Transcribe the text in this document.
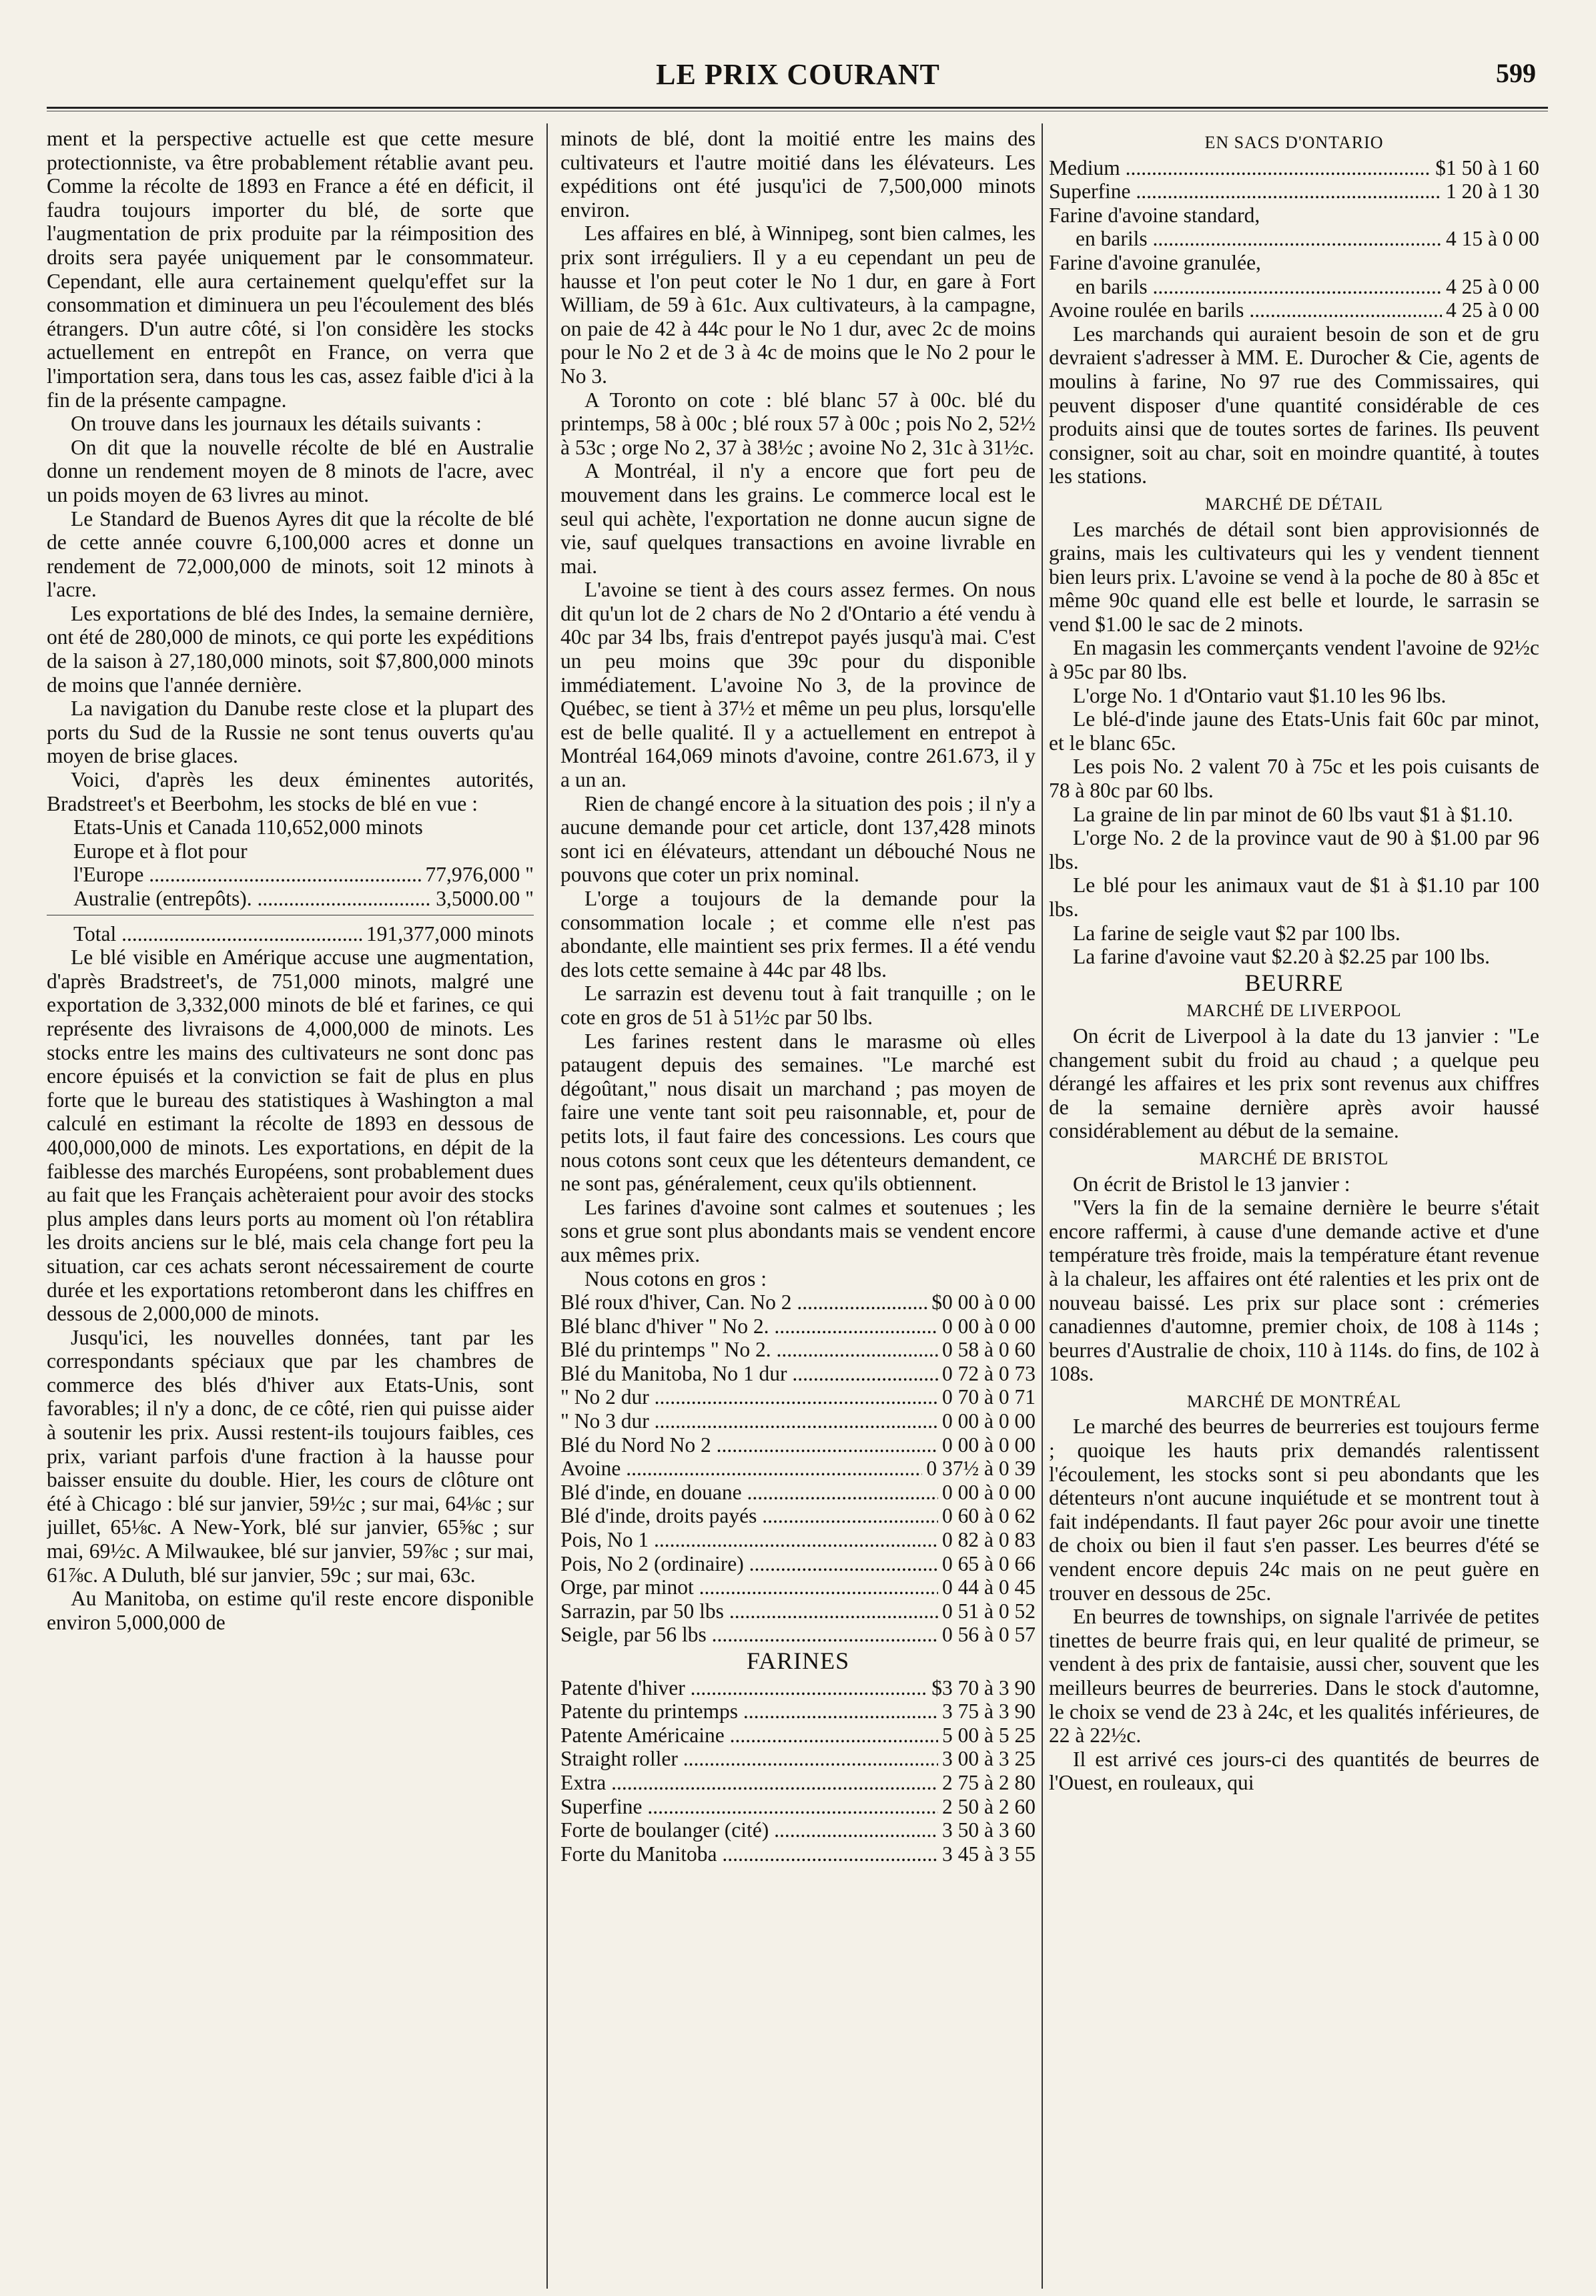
LE PRIX COURANT	599

ment et la perspective actuelle est que cette mesure protectionniste, va être probablement rétablie avant peu. Comme la récolte de 1893 en France a été en déficit, il faudra toujours importer du blé, de sorte que l'augmentation de prix produite par la réimposition des droits sera payée uniquement par le consommateur. Cependant, elle aura certainement quelqu'effet sur la consommation et diminuera un peu l'écoulement des blés étrangers. D'un autre côté, si l'on considère les stocks actuellement en entrepôt en France, on verra que l'importation sera, dans tous les cas, assez faible d'ici à la fin de la présente campagne.

On trouve dans les journaux les détails suivants :

On dit que la nouvelle récolte de blé en Australie donne un rendement moyen de 8 minots de l'acre, avec un poids moyen de 63 livres au minot.

Le Standard de Buenos Ayres dit que la récolte de blé de cette année couvre 6,100,000 acres et donne un rendement de 72,000,000 de minots, soit 12 minots à l'acre.

Les exportations de blé des Indes, la semaine dernière, ont été de 280,000 de minots, ce qui porte les expéditions de la saison à 27,180,000 minots, soit $7,800,000 minots de moins que l'année dernière.

La navigation du Danube reste close et la plupart des ports du Sud de la Russie ne sont tenus ouverts qu'au moyen de brise glaces.

Voici, d'après les deux éminentes autorités, Bradstreet's et Beerbohm, les stocks de blé en vue :

Etats-Unis et Canada 110,652,000 minots
Europe et à flot pour
l'Europe .....	77,976,000 "
Australie (entrepôts). .....	3,5000.00 "
Total .....	191,377,000 minots

Le blé visible en Amérique accuse une augmentation, d'après Bradstreet's, de 751,000 minots, malgré une exportation de 3,332,000 minots de blé et farines, ce qui représente des livraisons de 4,000,000 de minots. Les stocks entre les mains des cultivateurs ne sont donc pas encore épuisés et la conviction se fait de plus en plus forte que le bureau des statistiques à Washington a mal calculé en estimant la récolte de 1893 en dessous de 400,000,000 de minots. Les exportations, en dépit de la faiblesse des marchés Européens, sont probablement dues au fait que les Français achèteraient pour avoir des stocks plus amples dans leurs ports au moment où l'on rétablira les droits anciens sur le blé, mais cela change fort peu la situation, car ces achats seront nécessairement de courte durée et les exportations retomberont dans les chiffres en dessous de 2,000,000 de minots.

Jusqu'ici, les nouvelles données, tant par les correspondants spéciaux que par les chambres de commerce des blés d'hiver aux Etats-Unis, sont favorables; il n'y a donc, de ce côté, rien qui puisse aider à soutenir les prix. Aussi restent-ils toujours faibles, ces prix, variant parfois d'une fraction à la hausse pour baisser ensuite du double. Hier, les cours de clôture ont été à Chicago : blé sur janvier, 59½c ; sur mai, 64⅛c ; sur juillet, 65⅛c. A New-York, blé sur janvier, 65⅝c ; sur mai, 69½c. A Milwaukee, blé sur janvier, 59⅞c ; sur mai, 61⅞c. A Duluth, blé sur janvier, 59c ; sur mai, 63c.

Au Manitoba, on estime qu'il reste encore disponible environ 5,000,000 de

minots de blé, dont la moitié entre les mains des cultivateurs et l'autre moitié dans les élévateurs. Les expéditions ont été jusqu'ici de 7,500,000 minots environ.

Les affaires en blé, à Winnipeg, sont bien calmes, les prix sont irréguliers. Il y a eu cependant un peu de hausse et l'on peut coter le No 1 dur, en gare à Fort William, de 59 à 61c. Aux cultivateurs, à la campagne, on paie de 42 à 44c pour le No 1 dur, avec 2c de moins pour le No 2 et de 3 à 4c de moins que le No 2 pour le No 3.

A Toronto on cote : blé blanc 57 à 00c. blé du printemps, 58 à 00c ; blé roux 57 à 00c ; pois No 2, 52½ à 53c ; orge No 2, 37 à 38½c ; avoine No 2, 31c à 31½c.

A Montréal, il n'y a encore que fort peu de mouvement dans les grains. Le commerce local est le seul qui achète, l'exportation ne donne aucun signe de vie, sauf quelques transactions en avoine livrable en mai.

L'avoine se tient à des cours assez fermes. On nous dit qu'un lot de 2 chars de No 2 d'Ontario a été vendu à 40c par 34 lbs, frais d'entrepot payés jusqu'à mai. C'est un peu moins que 39c pour du disponible immédiatement. L'avoine No 3, de la province de Québec, se tient à 37½ et même un peu plus, lorsqu'elle est de belle qualité. Il y a actuellement en entrepot à Montréal 164,069 minots d'avoine, contre 261.673, il y a un an.

Rien de changé encore à la situation des pois ; il n'y a aucune demande pour cet article, dont 137,428 minots sont ici en élévateurs, attendant un débouché Nous ne pouvons que coter un prix nominal.

L'orge a toujours de la demande pour la consommation locale ; et comme elle n'est pas abondante, elle maintient ses prix fermes. Il a été vendu des lots cette semaine à 44c par 48 lbs.

Le sarrazin est devenu tout à fait tranquille ; on le cote en gros de 51 à 51½c par 50 lbs.

Les farines restent dans le marasme où elles pataugent depuis des semaines. "Le marché est dégoûtant," nous disait un marchand ; pas moyen de faire une vente tant soit peu raisonnable, et, pour de petits lots, il faut faire des concessions. Les cours que nous cotons sont ceux que les détenteurs demandent, ce ne sont pas, généralement, ceux qu'ils obtiennent.

Les farines d'avoine sont calmes et soutenues ; les sons et grue sont plus abondants mais se vendent encore aux mêmes prix.

Nous cotons en gros :

Blé roux d'hiver, Can. No 2 .....	$0 00 à 0 00
Blé blanc d'hiver " No 2. .....	0 00 à 0 00
Blé du printemps " No 2. .....	0 58 à 0 60
Blé du Manitoba, No 1 dur .....	0 72 à 0 73
" No 2 dur .....	0 70 à 0 71
" No 3 dur .....	0 00 à 0 00
Blé du Nord No 2 .....	0 00 à 0 00
Avoine .....	0 37½ à 0 39
Blé d'inde, en douane .....	0 00 à 0 00
Blé d'inde, droits payés .....	0 60 à 0 62
Pois, No 1 .....	0 82 à 0 83
Pois, No 2 (ordinaire) .....	0 65 à 0 66
Orge, par minot .....	0 44 à 0 45
Sarrazin, par 50 lbs .....	0 51 à 0 52
Seigle, par 56 lbs .....	0 56 à 0 57
FARINES
Patente d'hiver .....	$3 70 à 3 90
Patente du printemps .....	3 75 à 3 90
Patente Américaine .....	5 00 à 5 25
Straight roller .....	3 00 à 3 25
Extra .....	2 75 à 2 80
Superfine .....	2 50 à 2 60
Forte de boulanger (cité) .....	3 50 à 3 60
Forte du Manitoba .....	3 45 à 3 55
EN SACS D'ONTARIO
Medium .....	$1 50 à 1 60
Superfine .....	1 20 à 1 30
Farine d'avoine standard,
en barils .....	4 15 à 0 00
Farine d'avoine granulée,
en barils .....	4 25 à 0 00
Avoine roulée en barils .....	4 25 à 0 00

Les marchands qui auraient besoin de son et de gru devraient s'adresser à MM. E. Durocher & Cie, agents de moulins à farine, No 97 rue des Commissaires, qui peuvent disposer d'une quantité considérable de ces produits ainsi que de toutes sortes de farines. Ils peuvent consigner, soit au char, soit en moindre quantité, à toutes les stations.

MARCHÉ DE DÉTAIL

Les marchés de détail sont bien approvisionnés de grains, mais les cultivateurs qui les y vendent tiennent bien leurs prix. L'avoine se vend à la poche de 80 à 85c et même 90c quand elle est belle et lourde, le sarrasin se vend $1.00 le sac de 2 minots.

En magasin les commerçants vendent l'avoine de 92½c à 95c par 80 lbs.

L'orge No. 1 d'Ontario vaut $1.10 les 96 lbs.

Le blé-d'inde jaune des Etats-Unis fait 60c par minot, et le blanc 65c.

Les pois No. 2 valent 70 à 75c et les pois cuisants de 78 à 80c par 60 lbs.

La graine de lin par minot de 60 lbs vaut $1 à $1.10.

L'orge No. 2 de la province vaut de 90 à $1.00 par 96 lbs.

Le blé pour les animaux vaut de $1 à $1.10 par 100 lbs.

La farine de seigle vaut $2 par 100 lbs.

La farine d'avoine vaut $2.20 à $2.25 par 100 lbs.

BEURRE
MARCHÉ DE LIVERPOOL

On écrit de Liverpool à la date du 13 janvier : "Le changement subit du froid au chaud ; a quelque peu dérangé les affaires et les prix sont revenus aux chiffres de la semaine dernière après avoir haussé considérablement au début de la semaine.

MARCHÉ DE BRISTOL

On écrit de Bristol le 13 janvier :

"Vers la fin de la semaine dernière le beurre s'était encore raffermi, à cause d'une demande active et d'une température très froide, mais la température étant revenue à la chaleur, les affaires ont été ralenties et les prix ont de nouveau baissé. Les prix sur place sont : crémeries canadiennes d'automne, premier choix, de 108 à 114s ; beurres d'Australie de choix, 110 à 114s. do fins, de 102 à 108s.

MARCHÉ DE MONTRÉAL

Le marché des beurres de beurreries est toujours ferme ; quoique les hauts prix demandés ralentissent l'écoulement, les stocks sont si peu abondants que les détenteurs n'ont aucune inquiétude et se montrent tout à fait indépendants. Il faut payer 26c pour avoir une tinette de choix ou bien il faut s'en passer. Les beurres d'été se vendent encore depuis 24c mais on ne peut guère en trouver en dessous de 25c.

En beurres de townships, on signale l'arrivée de petites tinettes de beurre frais qui, en leur qualité de primeur, se vendent à des prix de fantaisie, aussi cher, souvent que les meilleurs beurres de beurreries. Dans le stock d'automne, le choix se vend de 23 à 24c, et les qualités inférieures, de 22 à 22½c.

Il est arrivé ces jours-ci des quantités de beurres de l'Ouest, en rouleaux, qui
